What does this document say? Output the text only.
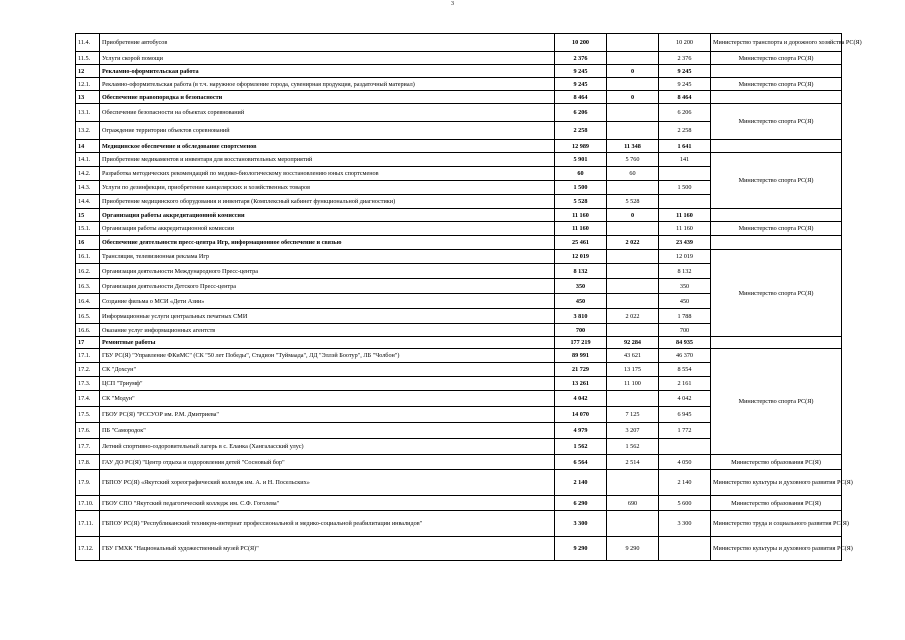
3
11.4.	Приобретение автобусов	10 200		10 200	Министерство транспорта и дорожного хозяйства РС(Я)
11.5.	Услуги скорой помощи	2 376		2 376	Министерство спорта РС(Я)
12	Рекламно-оформительская работа	9 245	0	9 245	
12.1.	Рекламно-оформительская работа (в т.ч. наружное оформление города, сувенирная продукция, раздаточный материал)	9 245		9 245	Министерство спорта РС(Я)
13	Обеспечение правопорядка и безопасности	8 464	0	8 464	
13.1.	Обеспечение безопасности на объектах соревнований	6 206		6 206	Министерство спорта РС(Я)
13.2.	Ограждение территории объектов соревнований	2 258		2 258	
14	Медицинское обеспечение и обследование спортсменов	12 989	11 348	1 641	
14.1.	Приобретение медикаментов и инвентаря для восстановительных мероприятий	5 901	5 760	141	Министерство спорта РС(Я)
14.2.	Разработка методических рекомендаций по медико-биологическому восстановлению юных спортсменов	60	60		
14.3.	Услуги по дезинфекции, приобретение канцелярских и хозяйственных товаров	1 500		1 500	
14.4.	Приобретение медицинского оборудования и инвентаря (Комплексный кабинет функциональной диагностики)	5 528	5 528		
15	Организация работы аккредитационной комиссии	11 160	0	11 160	
15.1.	Организация работы аккредитационной комиссии	11 160		11 160	Министерство спорта РС(Я)
16	Обеспечение деятельности пресс-центра Игр, информационное обеспечение и связью	25 461	2 022	23 439	
16.1.	Трансляция, телевизионная реклама Игр	12 019		12 019	Министерство спорта РС(Я)
16.2.	Организация деятельности Международного Пресс-центра	8 132		8 132	
16.3.	Организация деятельности Детского Пресс-центра	350		350	
16.4.	Создание фильма о МСИ «Дети Азии»	450		450	
16.5.	Информационные услуги центральных печатных СМИ	3 810	2 022	1 788	
16.6.	Оказание услуг информационных агентств	700		700	
17	Ремонтные работы	177 219	92 284	84 935	
17.1.	ГБУ РС(Я) "Управление ФКиМС" (СК "50 лет Победы", Стадион "Туймаада", ЛД "Эллэй Боотур", ЛБ "Чолбон")	89 991	43 621	46 370	Министерство спорта РС(Я)
17.2.	СК "Дохсун"	21 729	13 175	8 554	
17.3.	ЦСП "Триумф"	13 261	11 100	2 161	
17.4.	СК "Модун"	4 042		4 042	
17.5.	ГБОУ РС(Я) "РССУОР им. Р.М. Дмитриева"	14 070	7 125	6 945	
17.6.	ПБ "Самородок"	4 979	3 207	1 772	
17.7.	Летний спортивно-оздоровительный лагерь в с. Еланка (Хангаласский улус)	1 562	1 562		
17.8.	ГАУ ДО РС(Я) "Центр отдыха и оздоровления детей "Сосновый бор"	6 564	2 514	4 050	Министерство образования РС(Я)
17.9.	ГБПОУ РС(Я) «Якутский хореографический колледж им. А. и Н. Посельских»	2 140		2 140	Министерство культуры и духовного развития РС(Я)
17.10.	ГБОУ СПО "Якутский педагогический колледж им. С.Ф. Гоголева"	6 290	690	5 600	Министерство образования РС(Я)
17.11.	ГБПОУ РС(Я) "Республиканский техникум-интернат профессиональной и медико-социальной реабилитации инвалидов"	3 300		3 300	Министерство труда и социального развития РС(Я)
17.12.	ГБУ ГМХК "Национальный художественный музей РС(Я)"	9 290	9 290		Министерство культуры и духовного развития РС(Я)
